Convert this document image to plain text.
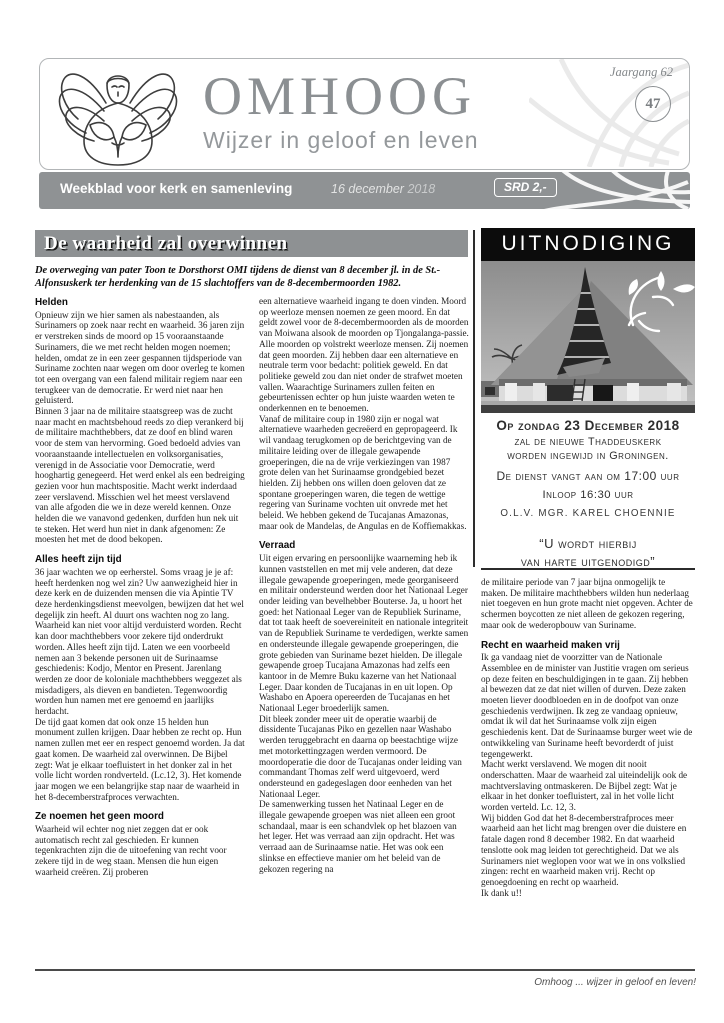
OMHOOG
Wijzer in geloof en leven
Jaargang 62
47
Weekblad voor kerk en samenleving	16 december 2018	SRD 2,-
De waarheid zal overwinnen
De overweging van pater Toon te Dorsthorst OMI tijdens de dienst van 8 december jl. in de St.-Alfonsuskerk ter herdenking van de 15 slachtoffers van de 8-decembermoorden 1982.
Helden

Opnieuw zijn we hier samen als nabestaanden, als Surinamers op zoek naar recht en waarheid. 36 jaren zijn er verstreken sinds de moord op 15 vooraanstaande Surinamers, die we met recht helden mogen noemen; helden, omdat ze in een zeer gespannen tijdsperiode van Suriname zochten naar wegen om door overleg te komen tot een overgang van een falend militair regiem naar een terugkeer van de democratie. Er werd niet naar hen geluisterd.

Binnen 3 jaar na de militaire staatsgreep was de zucht naar macht en machtsbehoud reeds zo diep verankerd bij de militaire machthebbers, dat ze doof en blind waren voor de stem van hervorming. Goed bedoeld advies van vooraanstaande intellectuelen en volksorganisaties, verenigd in de Associatie voor Democratie, werd hooghartig genegeerd. Het werd enkel als een bedreiging gezien voor hun machtspositie. Macht werkt inderdaad zeer verslavend. Misschien wel het meest verslavend van alle afgoden die we in deze wereld kennen. Onze helden die we vanavond gedenken, durfden hun nek uit te steken. Het werd hun niet in dank afgenomen: Ze moesten het met de dood bekopen.

Alles heeft zijn tijd

36 jaar wachten we op eerherstel. Soms vraag je je af: heeft herdenken nog wel zin? Uw aanwezigheid hier in deze kerk en de duizenden mensen die via Apintie TV deze herdenkingsdienst meevolgen, bewijzen dat het wel degelijk zin heeft. Al duurt ons wachten nog zo lang. Waarheid kan niet voor altijd verduisterd worden. Recht kan door machthebbers voor zekere tijd onderdrukt worden. Alles heeft zijn tijd. Laten we een voorbeeld nemen aan 3 bekende personen uit de Surinaamse geschiedenis: Kodjo, Mentor en Present. Jarenlang werden ze door de koloniale machthebbers weggezet als misdadigers, als dieven en bandieten. Tegenwoordig worden hun namen met ere genoemd en jaarlijks herdacht.

De tijd gaat komen dat ook onze 15 helden hun monument zullen krijgen. Daar hebben ze recht op. Hun namen zullen met eer en respect genoemd worden. Ja dat gaat komen. De waarheid zal overwinnen. De Bijbel zegt: Wat je elkaar toefluistert in het donker zal in het volle licht worden rondverteld. (Lc.12, 3). Het komende jaar mogen we een belangrijke stap naar de waarheid in het 8-decemberstrafproces verwachten.

Ze noemen het geen moord

Waarheid wil echter nog niet zeggen dat er ook automatisch recht zal geschieden. Er kunnen tegenkrachten zijn die de uitoefening van recht voor zekere tijd in de weg staan. Mensen die hun eigen waarheid creëren. Zij proberen

een alternatieve waarheid ingang te doen vinden. Moord op weerloze mensen noemen ze geen moord. En dat geldt zowel voor de 8-decembermoorden als de moorden van Moiwana alsook de moorden op Tjongalanga-passie. Alle moorden op volstrekt weerloze mensen. Zij noemen dat geen moorden. Zij hebben daar een alternatieve en neutrale term voor bedacht: politiek geweld. En dat politieke geweld zou dan niet onder de strafwet moeten vallen. Waarachtige Surinamers zullen feiten en gebeurtenissen echter op hun juiste waarden weten te onderkennen en te benoemen.

Vanaf de militaire coup in 1980 zijn er nogal wat alternatieve waarheden gecreëerd en gepropageerd. Ik wil vandaag terugkomen op de berichtgeving van de militaire leiding over de illegale gewapende groeperingen, die na de vrije verkiezingen van 1987 grote delen van het Surinaamse grondgebied bezet hielden. Zij hebben ons willen doen geloven dat ze spontane groeperingen waren, die tegen de wettige regering van Suriname vochten uit onvrede met het beleid. We hebben gekend de Tucajanas Amazonas, maar ook de Mandelas, de Angulas en de Koffiemakkas.

Verraad

Uit eigen ervaring en persoonlijke waarneming heb ik kunnen vaststellen en met mij vele anderen, dat deze illegale gewapende groeperingen, mede georganiseerd en militair ondersteund werden door het Nationaal Leger onder leiding van bevelhebber Bouterse. Ja, u hoort het goed: het Nationaal Leger van de Republiek Suriname, dat tot taak heeft de soevereiniteit en nationale integriteit van de Republiek Suriname te verdedigen, werkte samen en ondersteunde illegale gewapende groeperingen, die grote gebieden van Suriname bezet hielden. De illegale gewapende groep Tucajana Amazonas had zelfs een kantoor in de Memre Buku kazerne van het Nationaal Leger. Daar konden de Tucajanas in en uit lopen. Op Washabo en Apoera opereerden de Tucajanas en het Nationaal Leger broederlijk samen.

Dit bleek zonder meer uit de operatie waarbij de dissidente Tucajanas Piko en gezellen naar Washabo werden teruggebracht en daarna op beestachtige wijze met motorkettingzagen werden vermoord. De moordoperatie die door de Tucajanas onder leiding van commandant Thomas zelf werd uitgevoerd, werd ondersteund en gadegeslagen door eenheden van het Nationaal Leger.

De samenwerking tussen het Natinaal Leger en de illegale gewapende groepen was niet alleen een groot schandaal, maar is een schandvlek op het blazoen van het leger. Het was verraad aan zijn opdracht. Het was verraad aan de Surinaamse natie. Het was ook een slinkse en effectieve manier om het beleid van de gekozen regering na

UITNODIGING
Op zondag 23 December 2018
zal de nieuwe Thaddeuskerk
worden ingewijd in Groningen.
De dienst vangt aan om 17:00 uur
Inloop 16:30 uur
O.L.V. MGR. KAREL CHOENNIE
“U wordt hierbij
van harte uitgenodigd”

de militaire periode van 7 jaar bijna onmogelijk te maken. De militaire machthebbers wilden hun nederlaag niet toegeven en hun grote macht niet opgeven. Achter de schermen boycotten ze niet alleen de gekozen regering, maar ook de wederopbouw van Suriname.

Recht en waarheid maken vrij

Ik ga vandaag niet de voorzitter van de Nationale Assemblee en de minister van Justitie vragen om serieus op deze feiten en beschuldigingen in te gaan. Zij hebben al bewezen dat ze dat niet willen of durven. Deze zaken moeten liever doodbloeden en in de doofpot van onze geschiedenis verdwijnen. Ik zeg ze vandaag opnieuw, omdat ik wil dat het Surinaamse volk zijn eigen geschiedenis kent. Dat de Surinaamse burger weet wie de ontwikkeling van Suriname heeft bevorderdt of juist tegengewerkt.

Macht werkt verslavend. We mogen dit nooit onderschatten. Maar de waarheid zal uiteindelijk ook de machtverslaving ontmaskeren. De Bijbel zegt: Wat je elkaar in het donker toefluistert, zal in het volle licht worden verteld. Lc. 12, 3.

Wij bidden God dat het 8-decemberstrafproces meer waarheid aan het licht mag brengen over die duistere en fatale dagen rond 8 december 1982. En dat waarheid tenslotte ook mag leiden tot gerechtigheid. Dat we als Surinamers niet weglopen voor wat we in ons volkslied zingen: recht en waarheid maken vrij. Recht op genoegdoening en recht op waarheid.

Ik dank u!!

Omhoog ... wijzer in geloof en leven!
